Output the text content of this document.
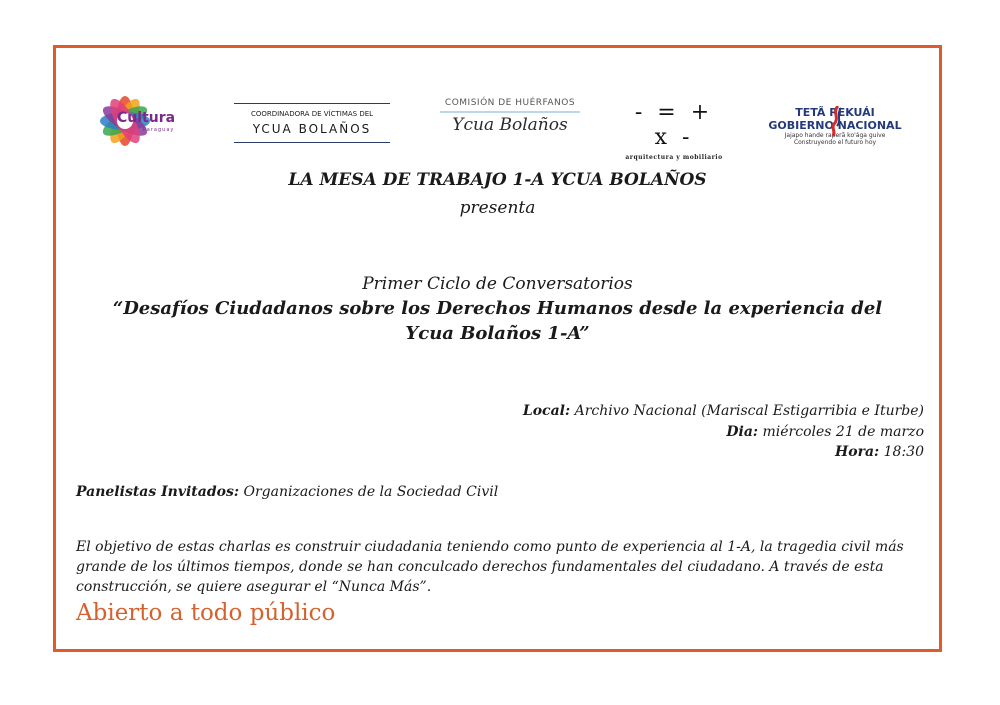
Cultura
Paraguay
COORDINADORA DE VÍCTIMAS DEL
YCUA BOLAÑOS
COMISIÓN DE HUÉRFANOS
Ycua Bolaños	- = + x -
arquitectura y mobiliario
TETÃ REKUÁI
GOBIERNO NACIONAL
Jajapo hande raperã ko'ága guive
Construyendo el futuro hoy
LA MESA DE TRABAJO 1-A YCUA BOLAÑOS
presenta
Primer Ciclo de Conversatorios
“Desafíos Ciudadanos sobre los Derechos Humanos desde la experiencia del
Ycua Bolaños 1-A”
Local: Archivo Nacional (Mariscal Estigarribia e Iturbe)
Dia: miércoles 21 de marzo
Hora: 18:30
Panelistas Invitados: Organizaciones de la Sociedad Civil
El objetivo de estas charlas es construir ciudadania teniendo como punto de experiencia al 1-A, la tragedia civil más grande de los últimos tiempos, donde se han conculcado derechos fundamentales del ciudadano. A través de esta construcción, se quiere asegurar el “Nunca Más”.
Abierto a todo público
